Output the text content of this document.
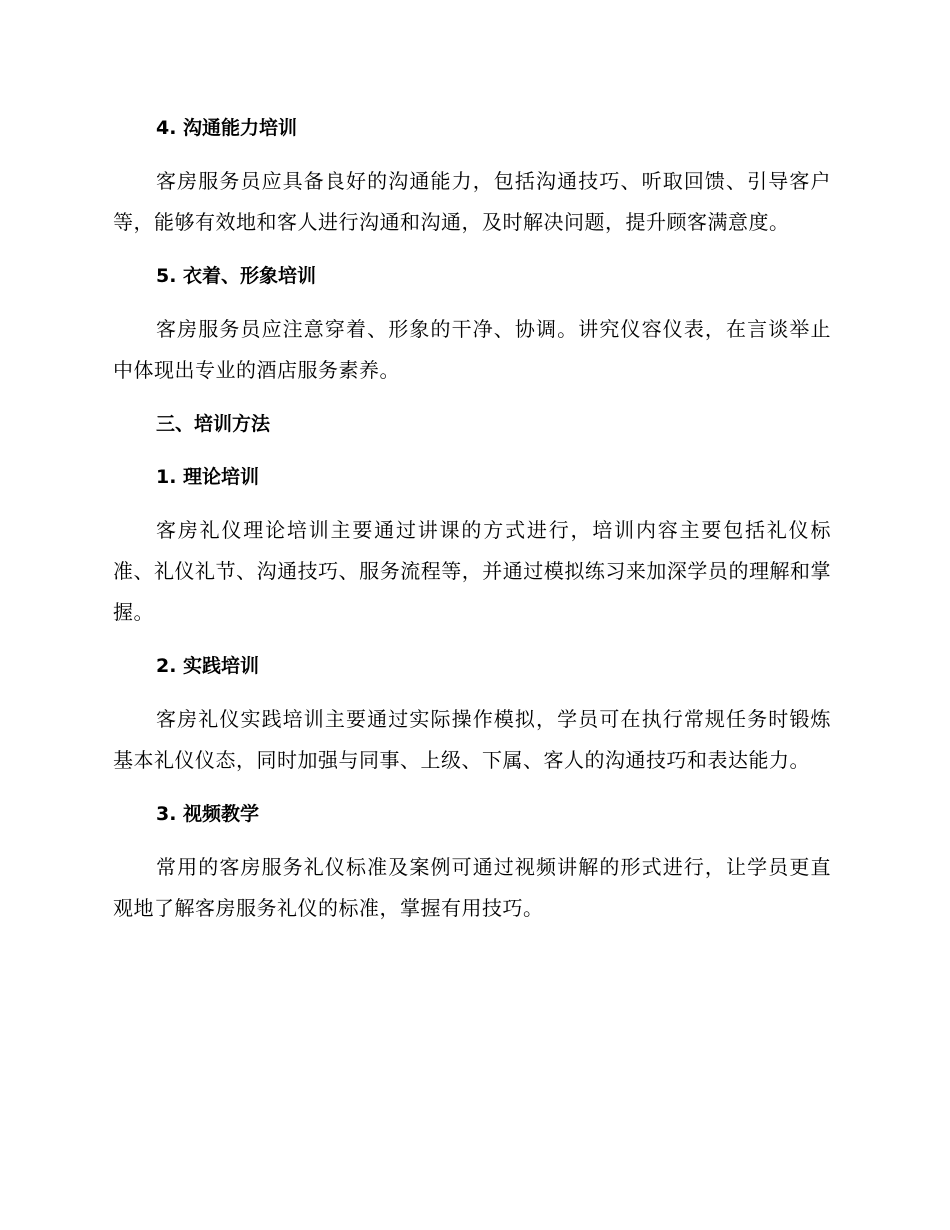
4. 沟通能力培训

客房服务员应具备良好的沟通能力，包括沟通技巧、听取回馈、引导客户等，能够有效地和客人进行沟通和沟通，及时解决问题，提升顾客满意度。

5. 衣着、形象培训

客房服务员应注意穿着、形象的干净、协调。讲究仪容仪表，在言谈举止中体现出专业的酒店服务素养。

三、培训方法

1. 理论培训

客房礼仪理论培训主要通过讲课的方式进行，培训内容主要包括礼仪标准、礼仪礼节、沟通技巧、服务流程等，并通过模拟练习来加深学员的理解和掌握。

2. 实践培训

客房礼仪实践培训主要通过实际操作模拟，学员可在执行常规任务时锻炼基本礼仪仪态，同时加强与同事、上级、下属、客人的沟通技巧和表达能力。

3. 视频教学

常用的客房服务礼仪标准及案例可通过视频讲解的形式进行，让学员更直观地了解客房服务礼仪的标准，掌握有用技巧。
